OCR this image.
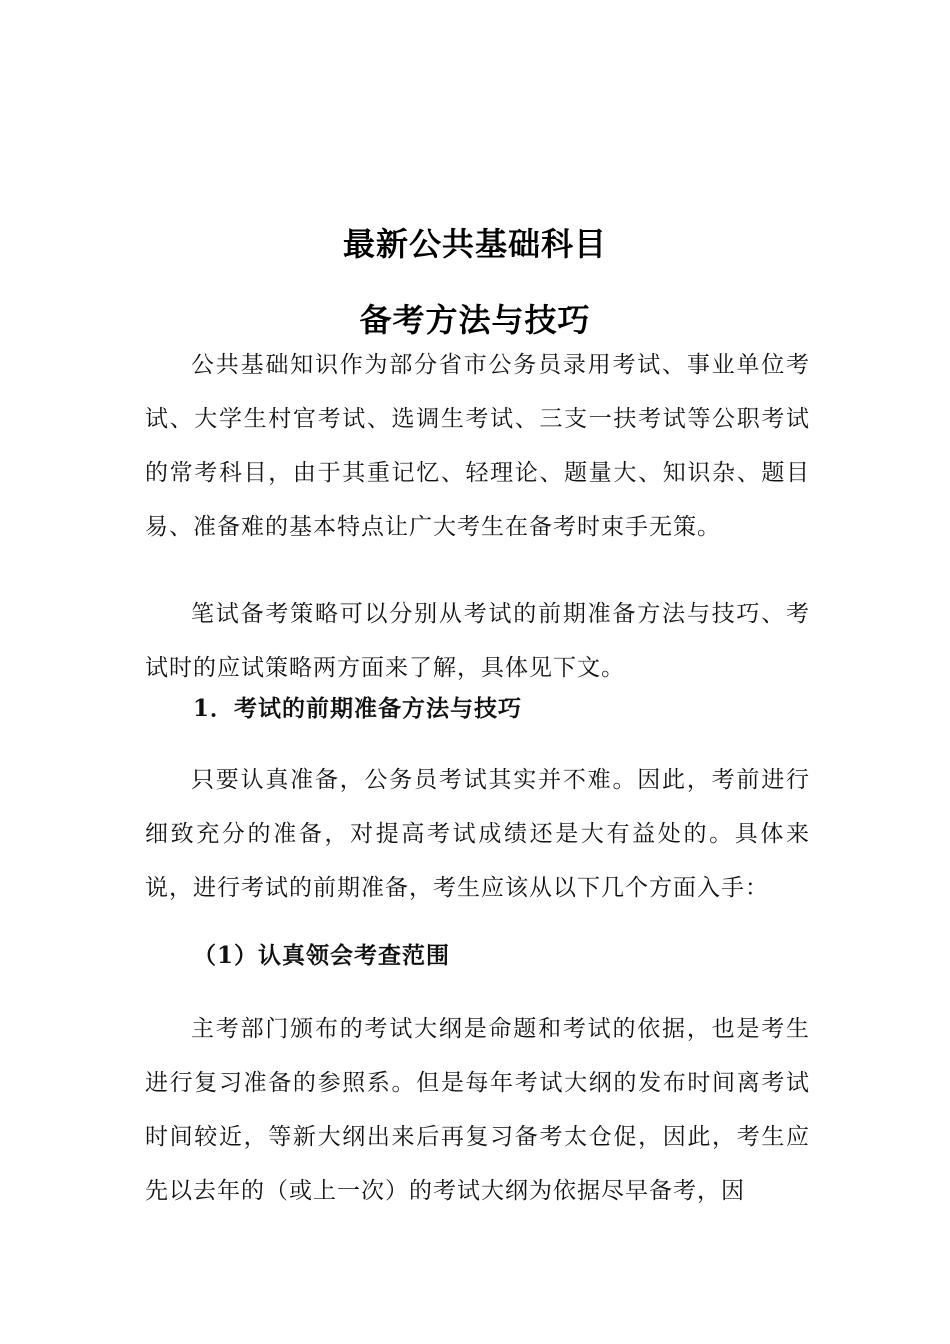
最新公共基础科目
备考方法与技巧

公共基础知识作为部分省市公务员录用考试、事业单位考试、大学生村官考试、选调生考试、三支一扶考试等公职考试的常考科目，由于其重记忆、轻理论、题量大、知识杂、题目易、准备难的基本特点让广大考生在备考时束手无策。

笔试备考策略可以分别从考试的前期准备方法与技巧、考试时的应试策略两方面来了解，具体见下文。

1．考试的前期准备方法与技巧

只要认真准备，公务员考试其实并不难。因此，考前进行细致充分的准备，对提高考试成绩还是大有益处的。具体来说，进行考试的前期准备，考生应该从以下几个方面入手：

（1）认真领会考查范围

主考部门颁布的考试大纲是命题和考试的依据，也是考生进行复习准备的参照系。但是每年考试大纲的发布时间离考试时间较近，等新大纲出来后再复习备考太仓促，因此，考生应先以去年的（或上一次）的考试大纲为依据尽早备考，因
